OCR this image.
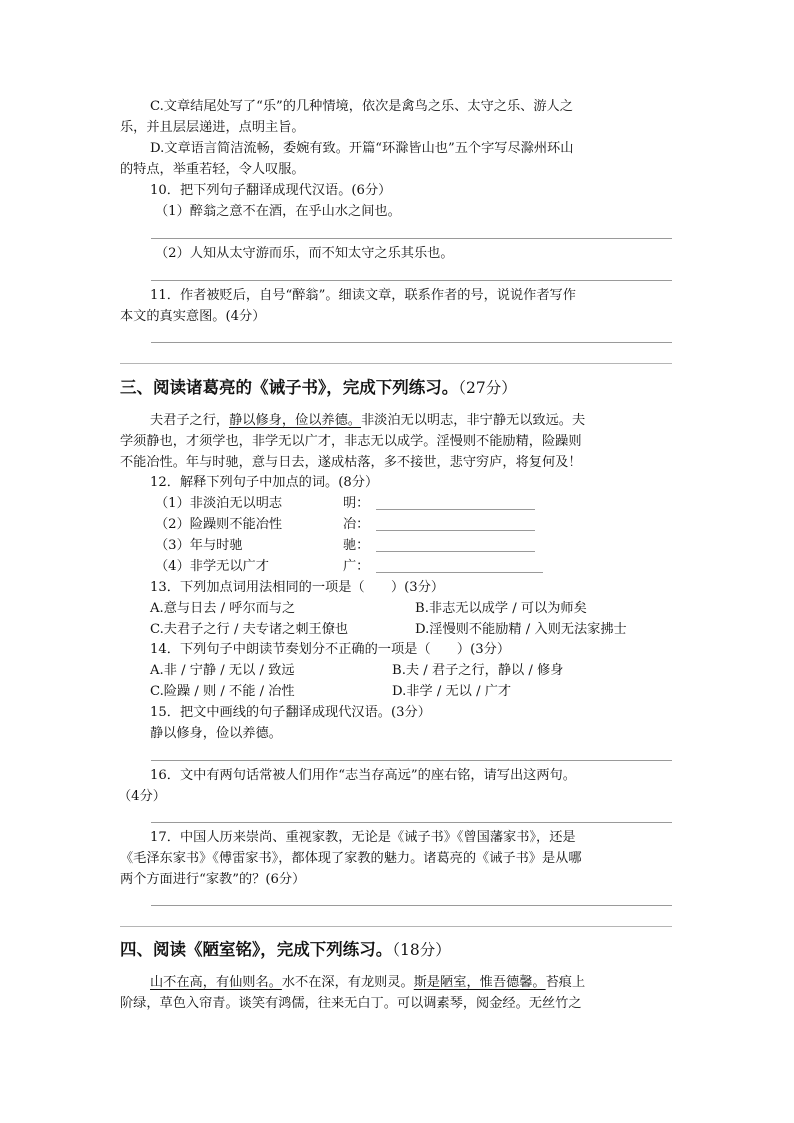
C.文章结尾处写了“乐”的几种情境，依次是禽鸟之乐、太守之乐、游人之
乐，并且层层递进，点明主旨。
D.文章语言简洁流畅，委婉有致。开篇“环滁皆山也”五个字写尽滁州环山
的特点，举重若轻，令人叹服。
10．把下列句子翻译成现代汉语。(6分）
（1）醉翁之意不在酒，在乎山水之间也。
（2）人知从太守游而乐，而不知太守之乐其乐也。
11．作者被贬后，自号“醉翁”。细读文章，联系作者的号，说说作者写作
本文的真实意图。(4分）
三、阅读诸葛亮的《诫子书》，完成下列练习。（27分）
夫君子之行，静以修身，俭以养德。非淡泊无以明志，非宁静无以致远。夫
学须静也，才须学也，非学无以广才，非志无以成学。淫慢则不能励精，险躁则
不能冶性。年与时驰，意与日去，遂成枯落，多不接世，悲守穷庐，将复何及！
12．解释下列句子中加点的词。(8分）
（1）非淡泊无以明志	明：
（2）险躁则不能冶性	冶：
（3）年与时驰	驰：
（4）非学无以广才	广：
13．下列加点词用法相同的一项是（　　）(3分）
A.意与日去 / 呼尔而与之	B.非志无以成学 / 可以为师矣
C.夫君子之行 / 夫专诸之刺王僚也	D.淫慢则不能励精 / 入则无法家拂士
14．下列句子中朗读节奏划分不正确的一项是（　　）(3分）
A.非 / 宁静 / 无以 / 致远	B.夫 / 君子之行，静以 / 修身
C.险躁 / 则 / 不能 / 冶性	D.非学 / 无以 / 广才
15．把文中画线的句子翻译成现代汉语。(3分）
静以修身，俭以养德。
16．文中有两句话常被人们用作“志当存高远”的座右铭，请写出这两句。
（4分）
17．中国人历来崇尚、重视家教，无论是《诫子书》《曾国藩家书》，还是
《毛泽东家书》《傅雷家书》，都体现了家教的魅力。诸葛亮的《诫子书》是从哪
两个方面进行“家教”的？(6分）
四、阅读《陋室铭》，完成下列练习。（18分）
山不在高，有仙则名。水不在深，有龙则灵。斯是陋室，惟吾德馨。苔痕上
阶绿，草色入帘青。谈笑有鸿儒，往来无白丁。可以调素琴，阅金经。无丝竹之
